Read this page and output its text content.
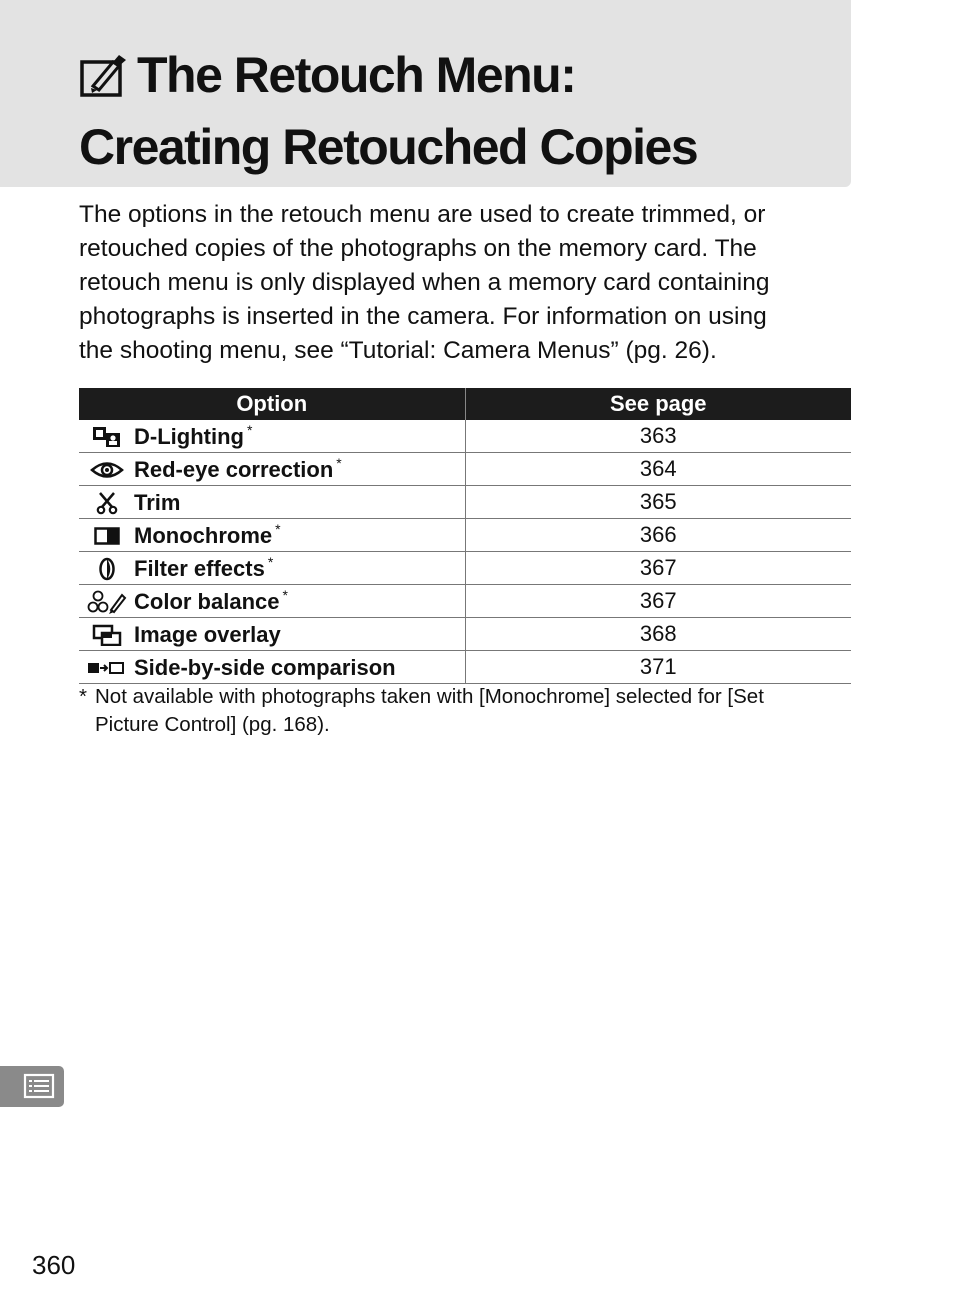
The Retouch Menu:
Creating Retouched Copies

The options in the retouch menu are used to create trimmed, or
retouched copies of the photographs on the memory card. The
retouch menu is only displayed when a memory card containing
photographs is inserted in the camera. For information on using
the shooting menu, see “Tutorial: Camera Menus” (pg. 26).

Option		See page
	D-Lighting *	363
	Red-eye correction *	364
	Trim	365
	Monochrome *	366
	Filter effects *	367
	Color balance *	367
	Image overlay	368
	Side-by-side comparison	371

* Not available with photographs taken with [Monochrome] selected for [Set
Picture Control] (pg. 168).

360
